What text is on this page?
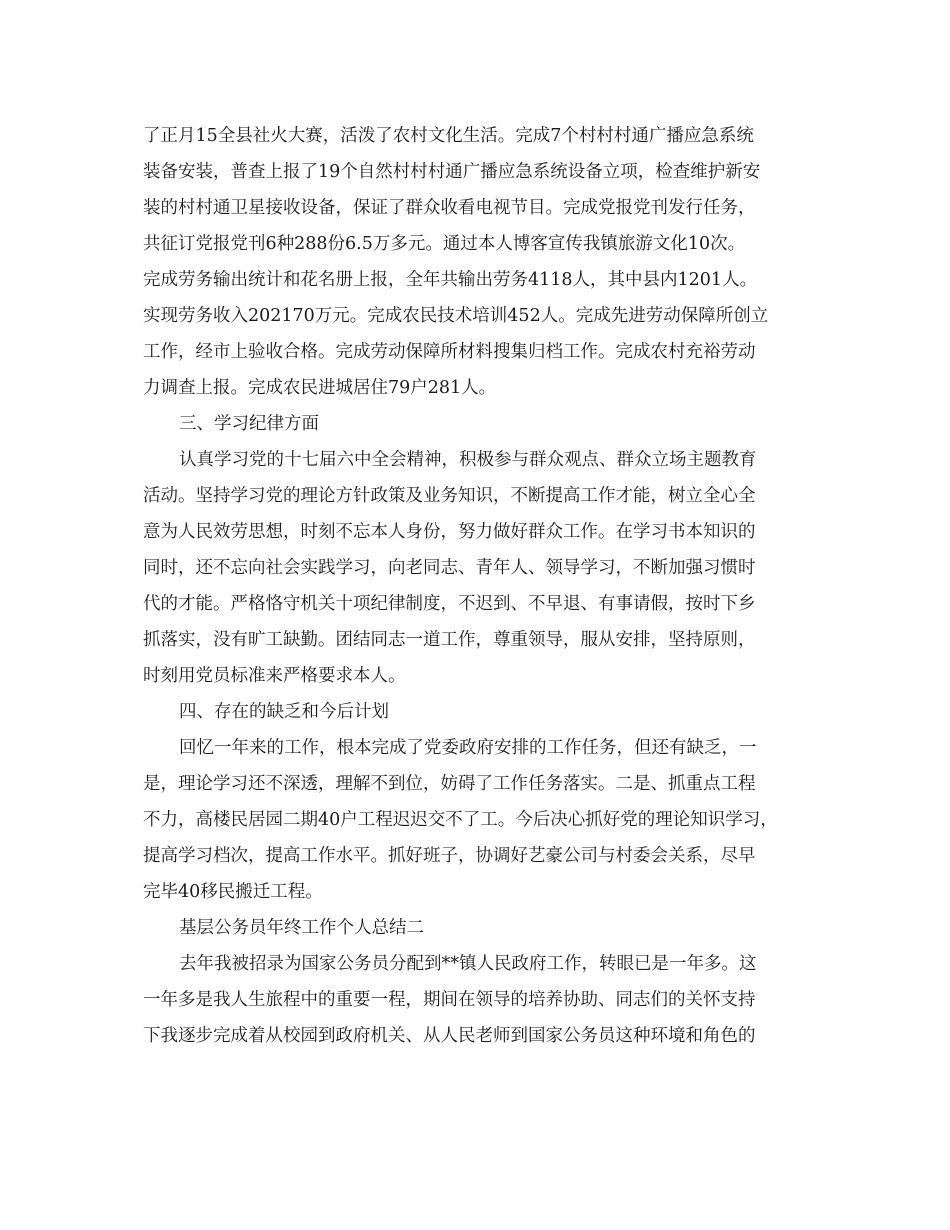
了正月15全县社火大赛，活泼了农村文化生活。完成7个村村村通广播应急系统
装备安装，普查上报了19个自然村村村通广播应急系统设备立项，检查维护新安
装的村村通卫星接收设备，保证了群众收看电视节目。完成党报党刊发行任务，
共征订党报党刊6种288份6.5万多元。通过本人博客宣传我镇旅游文化10次。
完成劳务输出统计和花名册上报，全年共输出劳务4118人，其中县内1201人。
实现劳务收入202170万元。完成农民技术培训452人。完成先进劳动保障所创立
工作，经市上验收合格。完成劳动保障所材料搜集归档工作。完成农村充裕劳动
力调查上报。完成农民进城居住79户281人。
三、学习纪律方面
认真学习党的十七届六中全会精神，积极参与群众观点、群众立场主题教育
活动。坚持学习党的理论方针政策及业务知识，不断提高工作才能，树立全心全
意为人民效劳思想，时刻不忘本人身份，努力做好群众工作。在学习书本知识的
同时，还不忘向社会实践学习，向老同志、青年人、领导学习，不断加强习惯时
代的才能。严格恪守机关十项纪律制度，不迟到、不早退、有事请假，按时下乡
抓落实，没有旷工缺勤。团结同志一道工作，尊重领导，服从安排，坚持原则，
时刻用党员标准来严格要求本人。
四、存在的缺乏和今后计划
回忆一年来的工作，根本完成了党委政府安排的工作任务，但还有缺乏，一
是，理论学习还不深透，理解不到位，妨碍了工作任务落实。二是、抓重点工程
不力，高楼民居园二期40户工程迟迟交不了工。今后决心抓好党的理论知识学习，
提高学习档次，提高工作水平。抓好班子，协调好艺豪公司与村委会关系，尽早
完毕40移民搬迁工程。
基层公务员年终工作个人总结二
去年我被招录为国家公务员分配到**镇人民政府工作，转眼已是一年多。这
一年多是我人生旅程中的重要一程，期间在领导的培养协助、同志们的关怀支持
下我逐步完成着从校园到政府机关、从人民老师到国家公务员这种环境和角色的
